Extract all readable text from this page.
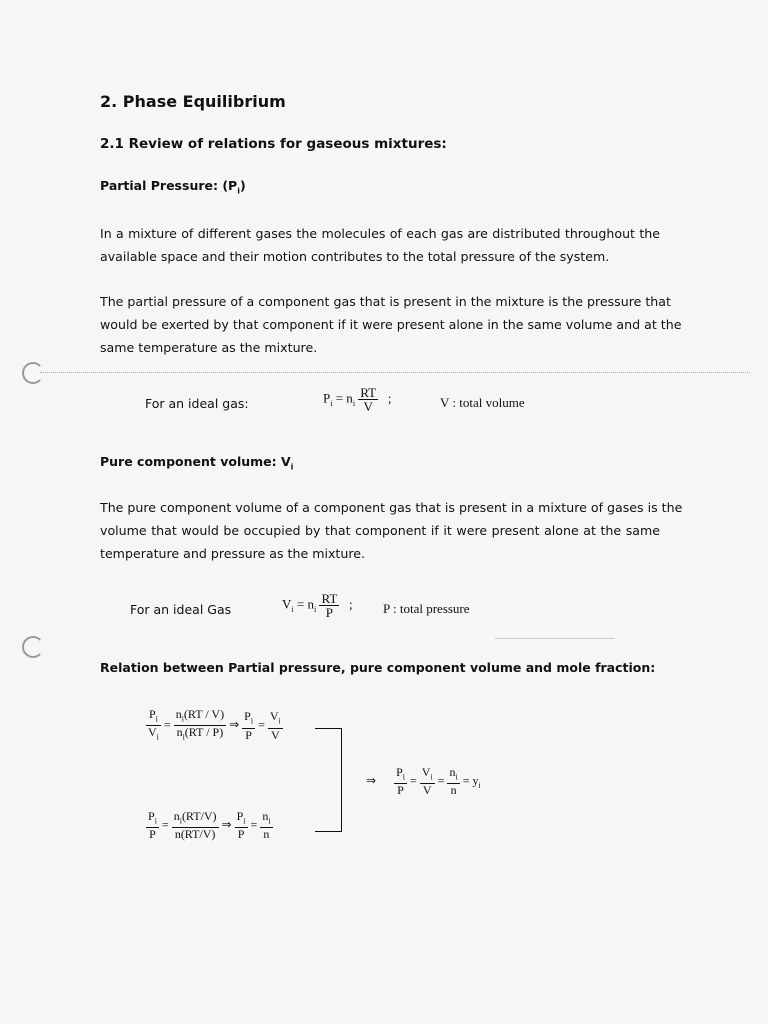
2. Phase Equilibrium
2.1 Review of relations for gaseous mixtures:
Partial Pressure: $(P_i)$
In a mixture of different gases the molecules of each gas are distributed throughout the
available space and their motion contributes to the total pressure of the system.
The partial pressure of a component gas that is present in the mixture is the pressure that
would be exerted by that component if it were present alone in the same volume and at the
same temperature as the mixture.
For an ideal gas:	$P_i = n_i \frac{RT}{V}$ ;	V : total volume
Pure component volume: $V_i$
The pure component volume of a component gas that is present in a mixture of gases is the
volume that would be occupied by that component if it were present alone at the same
temperature and pressure as the mixture.
For an ideal Gas	$V_i = n_i \frac{RT}{P}$ ; P : total pressure
Relation between Partial pressure, pure component volume and mole fraction:
$\frac{P_i}{V_i} = \frac{n_i(RT / V)}{n_i(RT / P)}$ ⇒ $\frac{P_i}{P} = \frac{V_i}{V}$
$\frac{P_i}{P} = \frac{n_i(RT/V)}{n(RT/V)}$ ⇒ $\frac{P_i}{P} = \frac{n_i}{n}$
⇒ $\frac{P_i}{P} = \frac{V_i}{V} = \frac{n_i}{n} = y_i$
